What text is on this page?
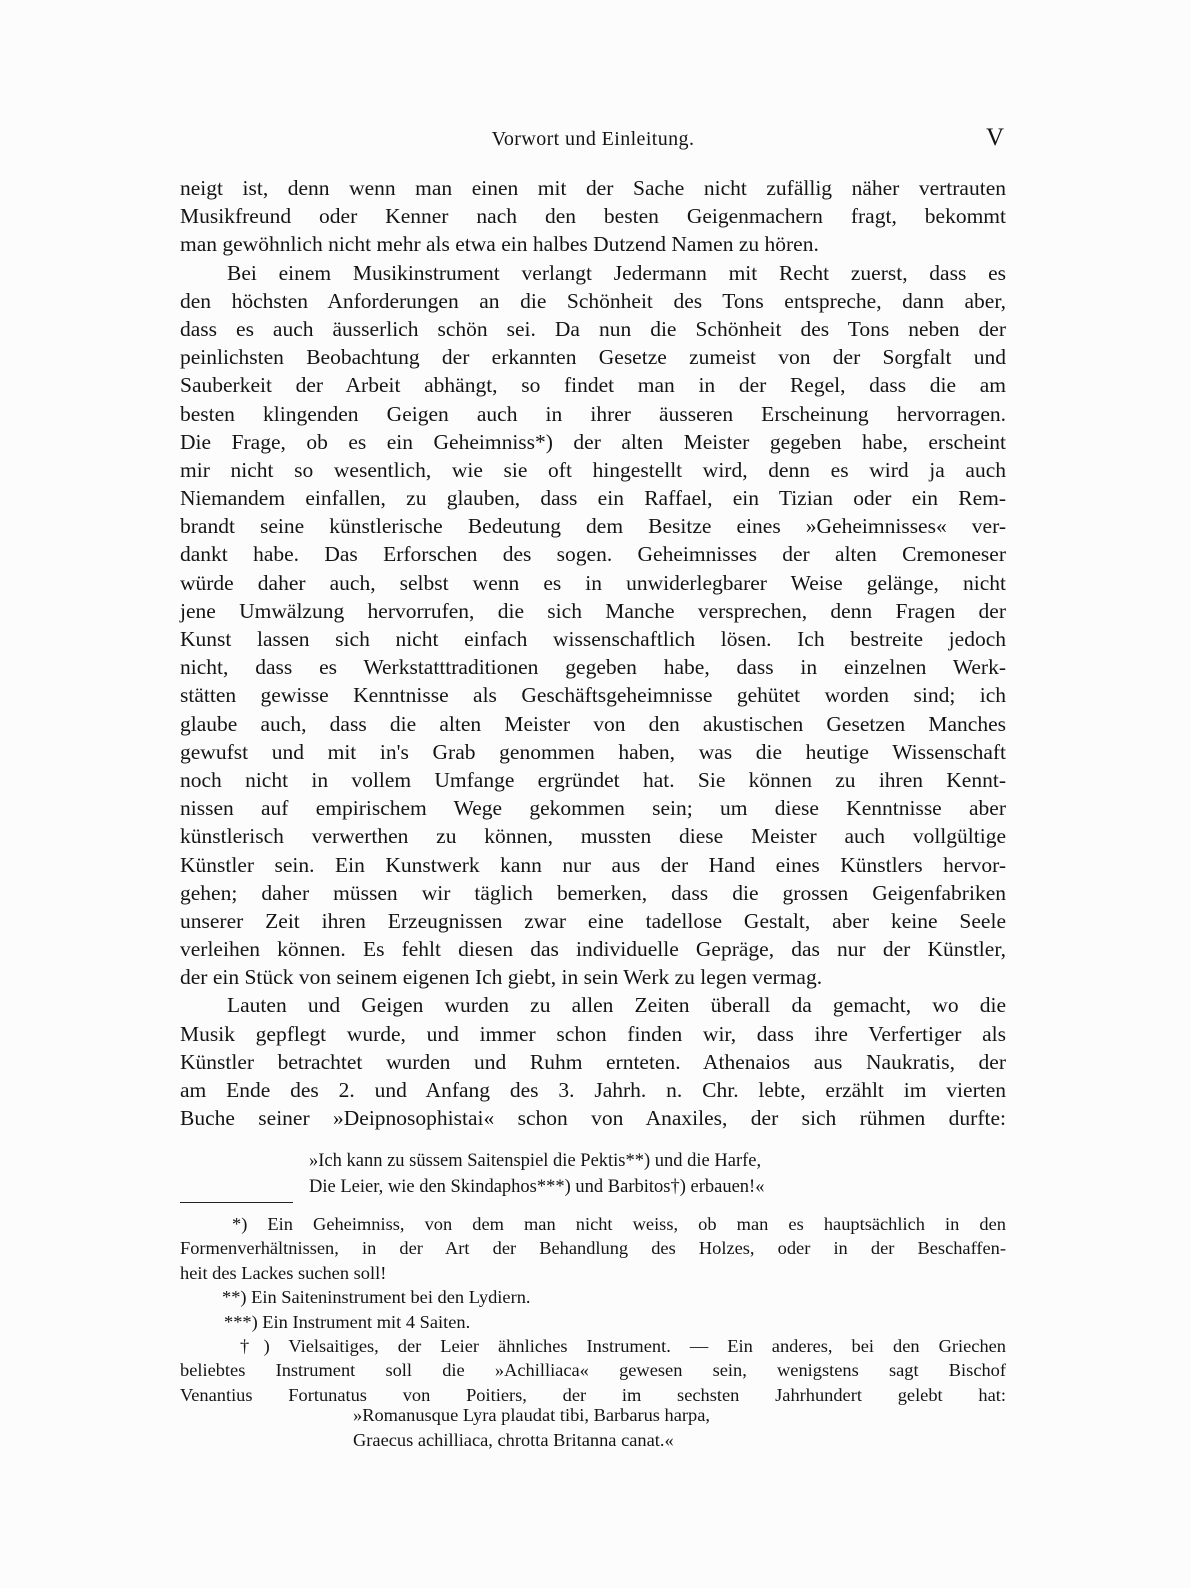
Vorwort und Einleitung.	V
neigt ist, denn wenn man einen mit der Sache nicht zufällig näher vertrauten
Musikfreund oder Kenner nach den besten Geigenmachern fragt, bekommt
man gewöhnlich nicht mehr als etwa ein halbes Dutzend Namen zu hören.
Bei einem Musikinstrument verlangt Jedermann mit Recht zuerst, dass es
den höchsten Anforderungen an die Schönheit des Tons entspreche, dann aber,
dass es auch äusserlich schön sei. Da nun die Schönheit des Tons neben der
peinlichsten Beobachtung der erkannten Gesetze zumeist von der Sorgfalt und
Sauberkeit der Arbeit abhängt, so findet man in der Regel, dass die am
besten klingenden Geigen auch in ihrer äusseren Erscheinung hervorragen.
Die Frage, ob es ein Geheimniss*) der alten Meister gegeben habe, erscheint
mir nicht so wesentlich, wie sie oft hingestellt wird, denn es wird ja auch
Niemandem einfallen, zu glauben, dass ein Raffael, ein Tizian oder ein Rem-
brandt seine künstlerische Bedeutung dem Besitze eines »Geheimnisses« ver-
dankt habe. Das Erforschen des sogen. Geheimnisses der alten Cremoneser
würde daher auch, selbst wenn es in unwiderlegbarer Weise gelänge, nicht
jene Umwälzung hervorrufen, die sich Manche versprechen, denn Fragen der
Kunst lassen sich nicht einfach wissenschaftlich lösen. Ich bestreite jedoch
nicht, dass es Werkstatttraditionen gegeben habe, dass in einzelnen Werk-
stätten gewisse Kenntnisse als Geschäftsgeheimnisse gehütet worden sind; ich
glaube auch, dass die alten Meister von den akustischen Gesetzen Manches
gewufst und mit in's Grab genommen haben, was die heutige Wissenschaft
noch nicht in vollem Umfange ergründet hat. Sie können zu ihren Kennt-
nissen auf empirischem Wege gekommen sein; um diese Kenntnisse aber
künstlerisch verwerthen zu können, mussten diese Meister auch vollgültige
Künstler sein. Ein Kunstwerk kann nur aus der Hand eines Künstlers hervor-
gehen; daher müssen wir täglich bemerken, dass die grossen Geigenfabriken
unserer Zeit ihren Erzeugnissen zwar eine tadellose Gestalt, aber keine Seele
verleihen können. Es fehlt diesen das individuelle Gepräge, das nur der Künstler,
der ein Stück von seinem eigenen Ich giebt, in sein Werk zu legen vermag.
Lauten und Geigen wurden zu allen Zeiten überall da gemacht, wo die
Musik gepflegt wurde, und immer schon finden wir, dass ihre Verfertiger als
Künstler betrachtet wurden und Ruhm ernteten. Athenaios aus Naukratis, der
am Ende des 2. und Anfang des 3. Jahrh. n. Chr. lebte, erzählt im vierten
Buche seiner »Deipnosophistai« schon von Anaxiles, der sich rühmen durfte:
»Ich kann zu süssem Saitenspiel die Pektis**) und die Harfe,
Die Leier, wie den Skindaphos***) und Barbitos†) erbauen!«
*) Ein Geheimniss, von dem man nicht weiss, ob man es hauptsächlich in den
Formenverhältnissen, in der Art der Behandlung des Holzes, oder in der Beschaffen-
heit des Lackes suchen soll!
**) Ein Saiteninstrument bei den Lydiern.
***) Ein Instrument mit 4 Saiten.
†) Vielsaitiges, der Leier ähnliches Instrument. — Ein anderes, bei den Griechen
beliebtes Instrument soll die »Achilliaca« gewesen sein, wenigstens sagt Bischof
Venantius Fortunatus von Poitiers, der im sechsten Jahrhundert gelebt hat:
»Romanusque Lyra plaudat tibi, Barbarus harpa,
Graecus achilliaca, chrotta Britanna canat.«
